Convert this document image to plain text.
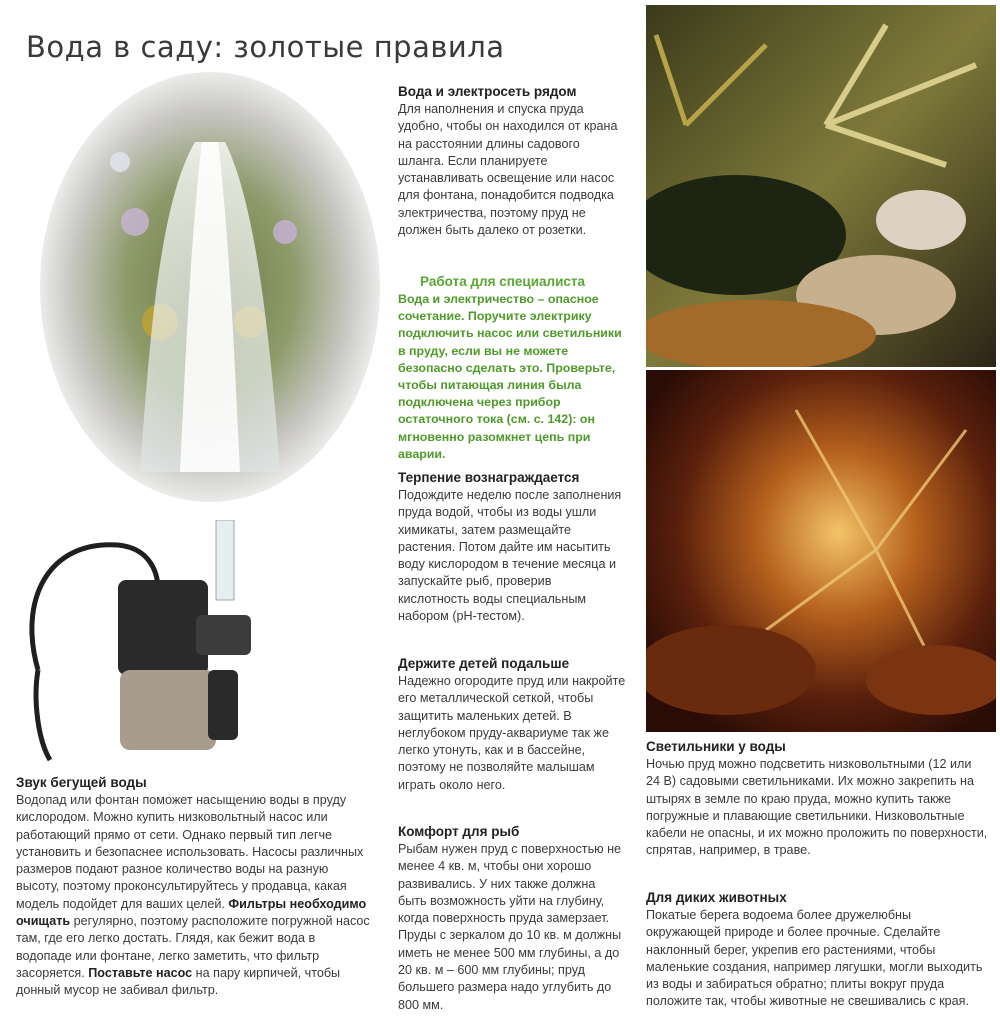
Вода в саду: золотые правила
Вода и электросеть рядом

Для наполнения и спуска пруда удобно, чтобы он находился от крана на расстоянии длины садового шланга. Если планируете устанавливать освещение или насос для фонтана, понадобится подводка электричества, поэтому пруд не должен быть далеко от розетки.

Работа для специалиста

Вода и электричество – опасное сочетание. Поручите электрику подключить насос или светильники в пруду, если вы не можете безопасно сделать это. Проверьте, чтобы питающая линия была подключена через прибор остаточного тока (см. с. 142): он мгновенно разомкнет цепь при аварии.

Терпение вознаграждается

Подождите неделю после заполнения пруда водой, чтобы из воды ушли химикаты, затем размещайте растения. Потом дайте им насытить воду кислородом в течение месяца и запускайте рыб, проверив кислотность воды специальным набором (pH-тестом).

Держите детей подальше

Надежно огородите пруд или накройте его металлической сеткой, чтобы защитить маленьких детей. В неглубоком пруду-аквариуме так же легко утонуть, как и в бассейне, поэтому не позволяйте малышам играть около него.

Комфорт для рыб

Рыбам нужен пруд с поверхностью не менее 4 кв. м, чтобы они хорошо развивались. У них также должна быть возможность уйти на глубину, когда поверхность пруда замерзает. Пруды с зеркалом до 10 кв. м должны иметь не менее 500 мм глубины, а до 20 кв. м – 600 мм глубины; пруд большего размера надо углубить до 800 мм.

Звук бегущей воды

Водопад или фонтан поможет насыщению воды в пруду кислородом. Можно купить низковольтный насос или работающий прямо от сети. Однако первый тип легче установить и безопаснее использовать. Насосы различных размеров подают разное количество воды на разную высоту, поэтому проконсультируйтесь у продавца, какая модель подойдет для ваших целей. Фильтры необходимо очищать регулярно, поэтому расположите погружной насос там, где его легко достать. Глядя, как бежит вода в водопаде или фонтане, легко заметить, что фильтр засоряется. Поставьте насос на пару кирпичей, чтобы донный мусор не забивал фильтр.

Светильники у воды

Ночью пруд можно подсветить низковольтными (12 или 24 В) садовыми светильниками. Их можно закрепить на штырях в земле по краю пруда, можно купить также погружные и плавающие светильники. Низковольтные кабели не опасны, и их можно проложить по поверхности, спрятав, например, в траве.

Для диких животных

Покатые берега водоема более дружелюбны окружающей природе и более прочные. Сделайте наклонный берег, укрепив его растениями, чтобы маленькие создания, например лягушки, могли выходить из воды и забираться обратно; плиты вокруг пруда положите так, чтобы животные не свешивались с края.
